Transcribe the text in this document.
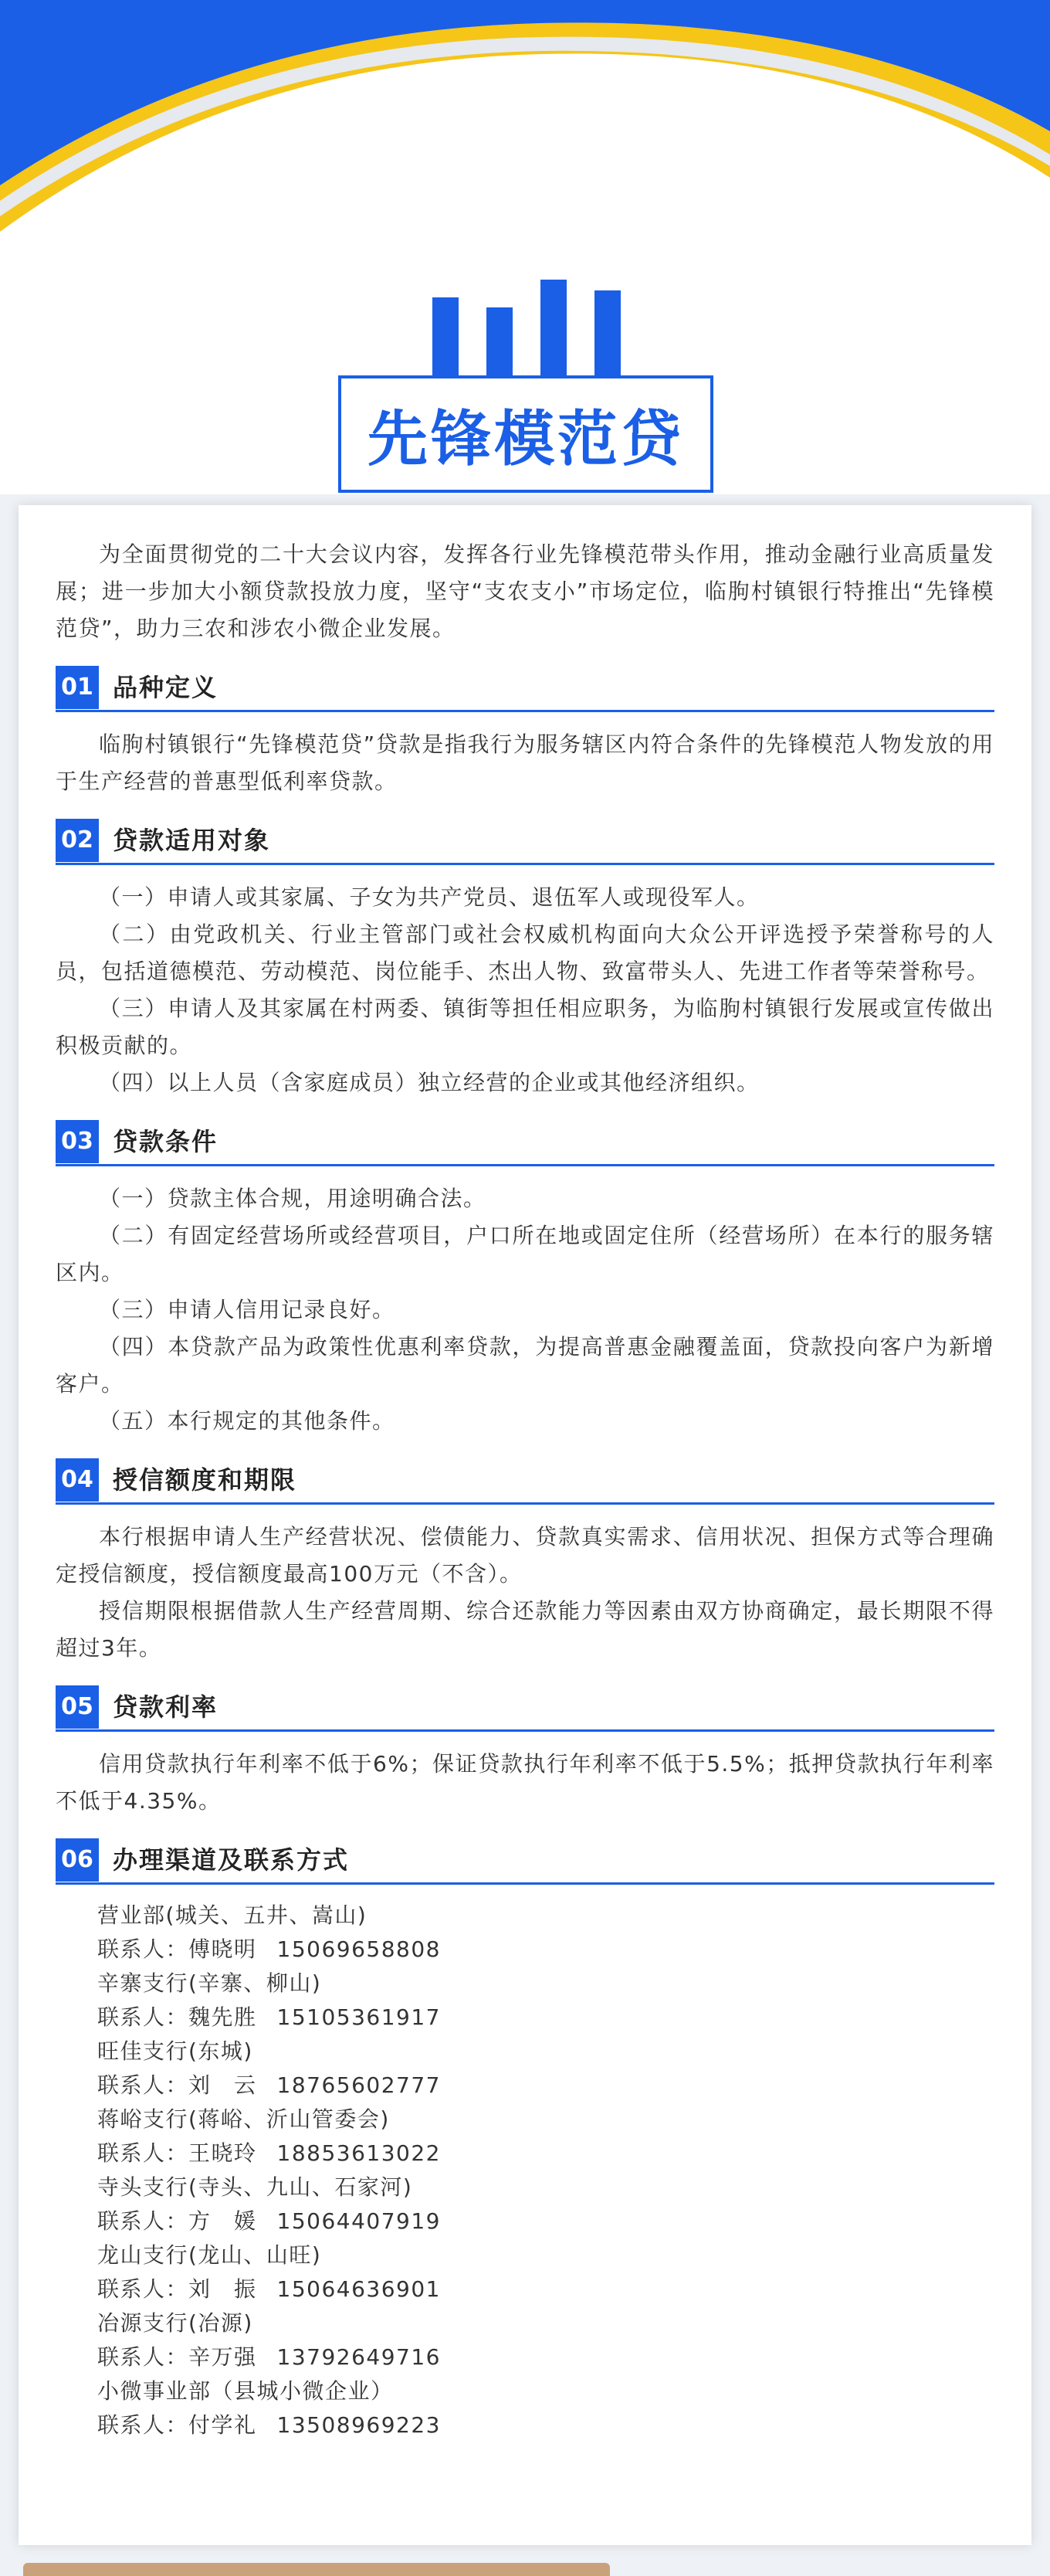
先锋模范贷

为全面贯彻党的二十大会议内容，发挥各行业先锋模范带头作用，推动金融行业高质量发展；进一步加大小额贷款投放力度，坚守“支农支小”市场定位，临朐村镇银行特推出“先锋模范贷”，助力三农和涉农小微企业发展。

01 品种定义

临朐村镇银行“先锋模范贷”贷款是指我行为服务辖区内符合条件的先锋模范人物发放的用于生产经营的普惠型低利率贷款。

02 贷款适用对象

（一）申请人或其家属、子女为共产党员、退伍军人或现役军人。

（二）由党政机关、行业主管部门或社会权威机构面向大众公开评选授予荣誉称号的人员，包括道德模范、劳动模范、岗位能手、杰出人物、致富带头人、先进工作者等荣誉称号。

（三）申请人及其家属在村两委、镇街等担任相应职务，为临朐村镇银行发展或宣传做出积极贡献的。

（四）以上人员（含家庭成员）独立经营的企业或其他经济组织。

03 贷款条件

（一）贷款主体合规，用途明确合法。

（二）有固定经营场所或经营项目，户口所在地或固定住所（经营场所）在本行的服务辖区内。

（三）申请人信用记录良好。

（四）本贷款产品为政策性优惠利率贷款，为提高普惠金融覆盖面，贷款投向客户为新增客户。

（五）本行规定的其他条件。

04 授信额度和期限

本行根据申请人生产经营状况、偿债能力、贷款真实需求、信用状况、担保方式等合理确定授信额度，授信额度最高100万元（不含）。

授信期限根据借款人生产经营周期、综合还款能力等因素由双方协商确定，最长期限不得超过3年。

05 贷款利率

信用贷款执行年利率不低于6%；保证贷款执行年利率不低于5.5%；抵押贷款执行年利率不低于4.35%。

06 办理渠道及联系方式

营业部(城关、五井、嵩山)

联系人：傅晓明 15069658808

辛寨支行(辛寨、柳山)

联系人：魏先胜 15105361917

旺佳支行(东城)

联系人：刘　云 18765602777

蒋峪支行(蒋峪、沂山管委会)

联系人：王晓玲 18853613022

寺头支行(寺头、九山、石家河)

联系人：方　媛 15064407919

龙山支行(龙山、山旺)

联系人：刘　振 15064636901

冶源支行(冶源)

联系人：辛万强 13792649716

小微事业部（县城小微企业）

联系人：付学礼 13508969223
